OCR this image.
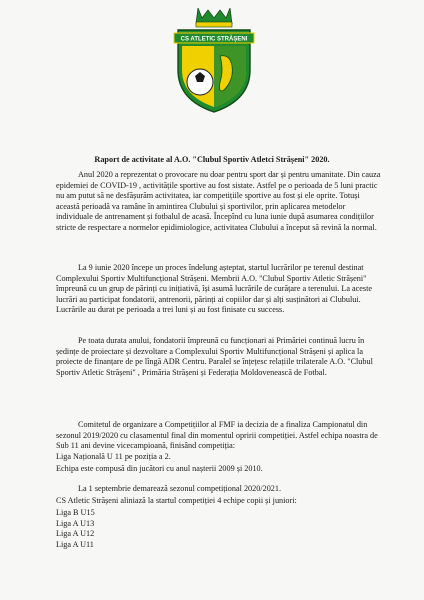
CS ATLETIC STRĂȘENI
Raport de activitate al A.O. "Clubul Sportiv Atletci Strășeni" 2020.

Anul 2020 a reprezentat o provocare nu doar pentru sport dar și pentru umanitate. Din cauza epidemiei de COVID-19 , activitățile sportive au fost sistate. Astfel pe o perioada de 5 luni practic nu am putut să ne desfășurăm activitatea, iar competițiile sportive au fost și ele oprite. Totuși această perioadă va ramâne în amintirea Clubului și sportivilor, prin aplicarea metodelor individuale de antrenament și fotbalul de acasă. Începînd cu luna iunie după asumarea condițiilor stricte de respectare a normelor epidimiologice, activitatea Clubului a început să revină la normal.

La 9 iunie 2020 începe un proces îndelung așteptat, startul lucrărilor pe terenul destinat Complexului Sportiv Multifuncțional Strășeni. Membrii A.O. "Clubul Sportiv Atletic Strășeni" împreună cu un grup de părinți cu inițiativă, își asumă lucrările de curățare a terenului. La aceste lucrări au participat fondatorii, antrenorii, părinți ai copiilor dar și alți susținători ai Clubului. Lucrările au durat pe perioada a trei luni și au fost finisate cu success.

Pe toata durata anului, fondatorii împreună cu funcționari ai Primăriei continuă lucru în ședințe de proiectare și dezvoltare a Complexului Sportiv Multifuncțional Strășeni și aplica la proiecte de finanțare de pe lîngă ADR Centru. Paralel se înțețesc relațiile trilaterale A.O. "Clubul Sportiv Atletic Strășeni" , Primăria Strășeni și Federația Moldovenească de Fotbal.

Comitetul de organizare a Competițiilor al FMF ia decizia de a finaliza Campionatul din sezonul 2019/2020 cu clasamentul final din momentul opririi competiției. Astfel echipa noastra de Sub 11 ani devine vicecampioană, finisând competiția:

Liga Națională U 11 pe poziția a 2.

Echipa este compusă din jucători cu anul nașterii 2009 și 2010.

La 1 septembrie demarează sezonul competițional 2020/2021.

CS Atletic Strășeni aliniază la startul competiției 4 echipe copii și juniori:

Liga B U15
Liga A U13
Liga A U12
Liga A U11
